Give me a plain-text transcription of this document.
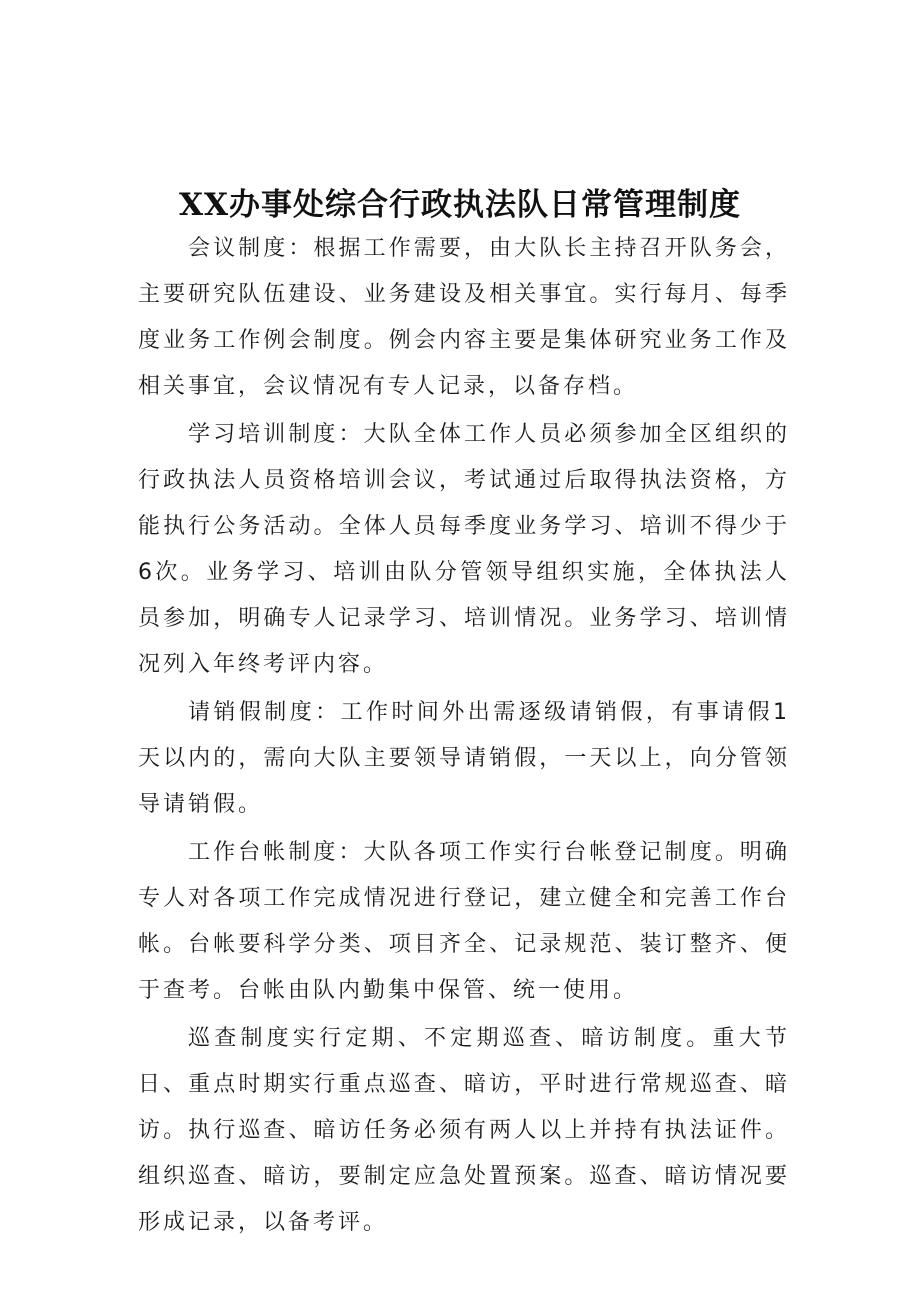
XX办事处综合行政执法队日常管理制度

会议制度：根据工作需要，由大队长主持召开队务会，主要研究队伍建设、业务建设及相关事宜。实行每月、每季度业务工作例会制度。例会内容主要是集体研究业务工作及相关事宜，会议情况有专人记录，以备存档。

学习培训制度：大队全体工作人员必须参加全区组织的行政执法人员资格培训会议，考试通过后取得执法资格，方能执行公务活动。全体人员每季度业务学习、培训不得少于6次。业务学习、培训由队分管领导组织实施，全体执法人员参加，明确专人记录学习、培训情况。业务学习、培训情况列入年终考评内容。

请销假制度：工作时间外出需逐级请销假，有事请假1天以内的，需向大队主要领导请销假，一天以上，向分管领导请销假。

工作台帐制度：大队各项工作实行台帐登记制度。明确专人对各项工作完成情况进行登记，建立健全和完善工作台帐。台帐要科学分类、项目齐全、记录规范、装订整齐、便于查考。台帐由队内勤集中保管、统一使用。

巡查制度实行定期、不定期巡查、暗访制度。重大节日、重点时期实行重点巡查、暗访，平时进行常规巡查、暗访。执行巡查、暗访任务必须有两人以上并持有执法证件。组织巡查、暗访，要制定应急处置预案。巡查、暗访情况要形成记录，以备考评。
